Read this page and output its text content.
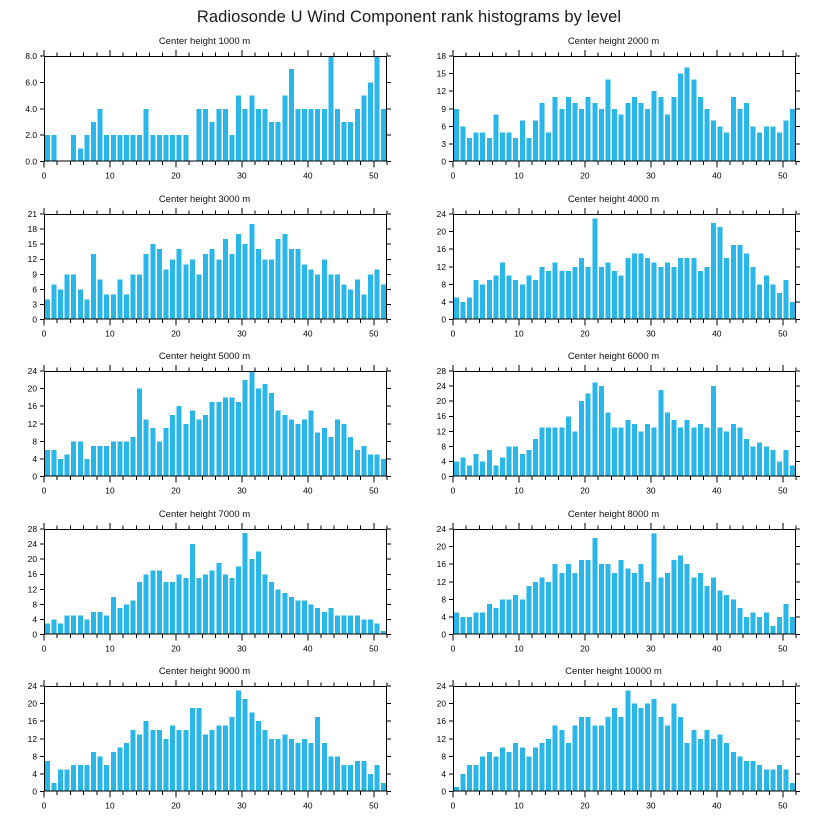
Radiosonde U Wind Component rank histograms by level
Center height 1000 m
0.0
2.0
4.0
6.0
8.0
0	10	20	30	40	50
Center height 2000 m
0
3
6
9
12
15
18
0	10	20	30	40	50
Center height 3000 m
0
3
6
9
12
15
18
21
0	10	20	30	40	50
Center height 4000 m
0
4
8
12
16
20
24
0	10	20	30	40	50
Center height 5000 m
0
4
8
12
16
20
24
0	10	20	30	40	50
Center height 6000 m
0
4
8
12
16
20
24
28
0	10	20	30	40	50
Center height 7000 m
0
4
8
12
16
20
24
28
0	10	20	30	40	50
Center height 8000 m
0
4
8
12
16
20
24
0	10	20	30	40	50
Center height 9000 m
0
4
8
12
16
20
24
0	10	20	30	40	50
Center height 10000 m
0
4
8
12
16
20
24
0	10	20	30	40	50
